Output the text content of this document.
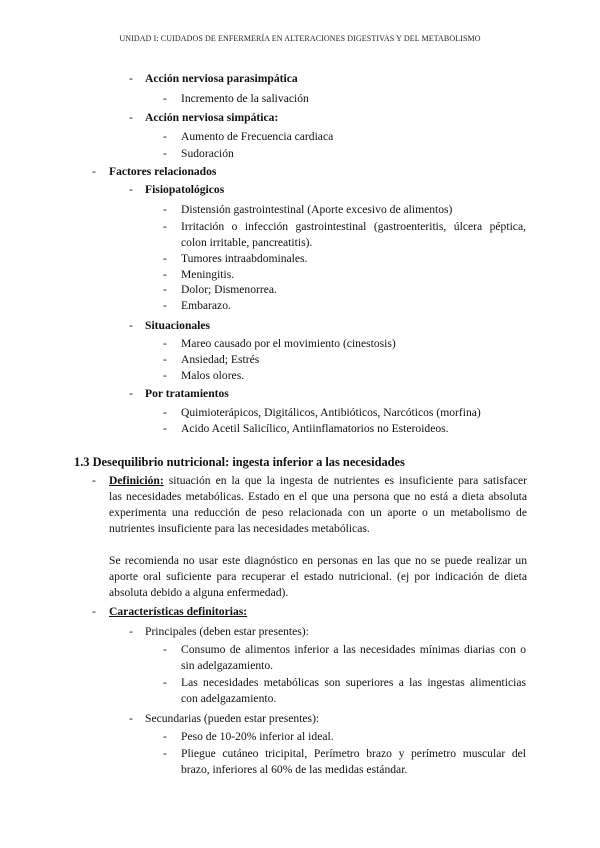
UNIDAD I: CUIDADOS DE ENFERMERÍA EN ALTERACIONES DIGESTIVAS Y DEL METABOLISMO
- Acción nerviosa parasimpática
- Incremento de la salivación
- Acción nerviosa simpática:
- Aumento de Frecuencia cardiaca
- Sudoración
- Factores relacionados
- Fisiopatológicos
- Distensión gastrointestinal (Aporte excesivo de alimentos)
- Irritación o infección gastrointestinal (gastroenteritis, úlcera péptica,
colon irritable, pancreatitis).
- Tumores intraabdominales.
- Meningitis.
- Dolor; Dismenorrea.
- Embarazo.
- Situacionales
- Mareo causado por el movimiento (cinestosis)
- Ansiedad; Estrés
- Malos olores.
- Por tratamientos
- Quimioterápicos, Digitálicos, Antibióticos, Narcóticos (morfina)
- Acido Acetil Salicílico, Antiinflamatorios no Esteroideos.
1.3 Desequilibrio nutricional: ingesta inferior a las necesidades
- Definición: situación en la que la ingesta de nutrientes es insuficiente para satisfacer
las necesidades metabólicas. Estado en el que una persona que no está a dieta absoluta
experimenta una reducción de peso relacionada con un aporte o un metabolismo de
nutrientes insuficiente para las necesidades metabólicas.
Se recomienda no usar este diagnóstico en personas en las que no se puede realizar un
aporte oral suficiente para recuperar el estado nutricional. (ej por indicación de dieta
absoluta debido a alguna enfermedad).
- Características definitorias:
- Principales (deben estar presentes):
- Consumo de alimentos inferior a las necesidades mínimas diarias con o
sin adelgazamiento.
- Las necesidades metabólicas son superiores a las ingestas alimenticias
con adelgazamiento.
- Secundarias (pueden estar presentes):
- Peso de 10-20% inferior al ideal.
- Pliegue cutáneo tricipital, Perímetro brazo y perímetro muscular del
brazo, inferiores al 60% de las medidas estándar.
